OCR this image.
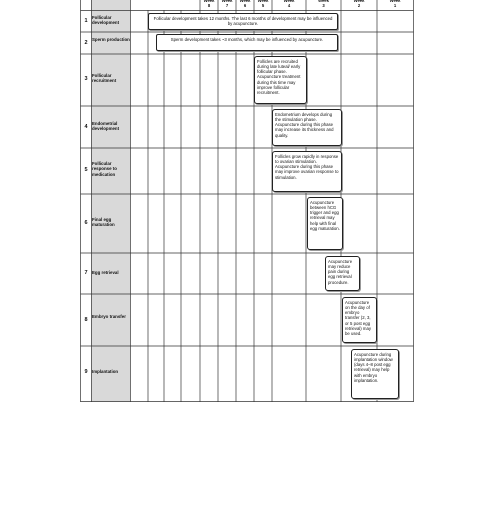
Week
8
Week
7
Week
6
Week
5
Week
4
Week
3
Week
2
Week
1
1
Follicular development
2
Sperm production
3
Follicular recruitment
4
Endometrial development
5
Follicular response to medication
6
Final egg maturation
7	Egg retrieval
8
Embryo transfer
9	Implantation
Follicular development takes 12 months. The last 6 months of development may be influenced by acupuncture.
Sperm development takes ~3 months, which may be influenced by acupuncture.
Follicles are recruited during late luteal/ early follicular phase. Acupuncture treatment during this time may improve follicular recruitment.
Endometrium develops during the stimulation phase. Acupuncture during this phase may increase its thickness and quality.
Follicles grow rapidly in response to ovarian stimulation. Acupuncture during this phase may improve ovarian response to stimulation.
Acupuncture between hCG trigger and egg retrieval may help with final egg maturation.
Acupuncture may reduce pain during egg retrieval procedure.
Acupuncture on the day of embryo transfer (2, 3, or 5 post egg retrieval) may be used.
Acupuncture during implantation window (days 4–8 post egg retrieval) may help with embryo implantation.
